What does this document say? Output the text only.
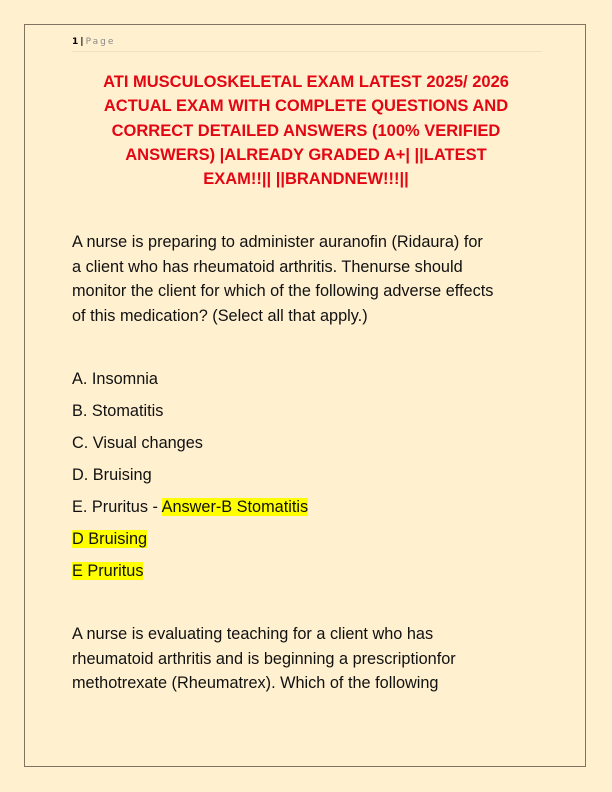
1 | Page
ATI MUSCULOSKELETAL EXAM LATEST 2025/ 2026
ACTUAL EXAM WITH COMPLETE QUESTIONS AND
CORRECT DETAILED ANSWERS (100% VERIFIED
ANSWERS) |ALREADY GRADED A+| ||LATEST
EXAM!!|| ||BRANDNEW!!!||
A nurse is preparing to administer auranofin (Ridaura) for
a client who has rheumatoid arthritis. Thenurse should
monitor the client for which of the following adverse effects
of this medication? (Select all that apply.)
A. Insomnia
B. Stomatitis
C. Visual changes
D. Bruising
E. Pruritus - Answer-B Stomatitis
D Bruising
E Pruritus
A nurse is evaluating teaching for a client who has
rheumatoid arthritis and is beginning a prescriptionfor
methotrexate (Rheumatrex). Which of the following
